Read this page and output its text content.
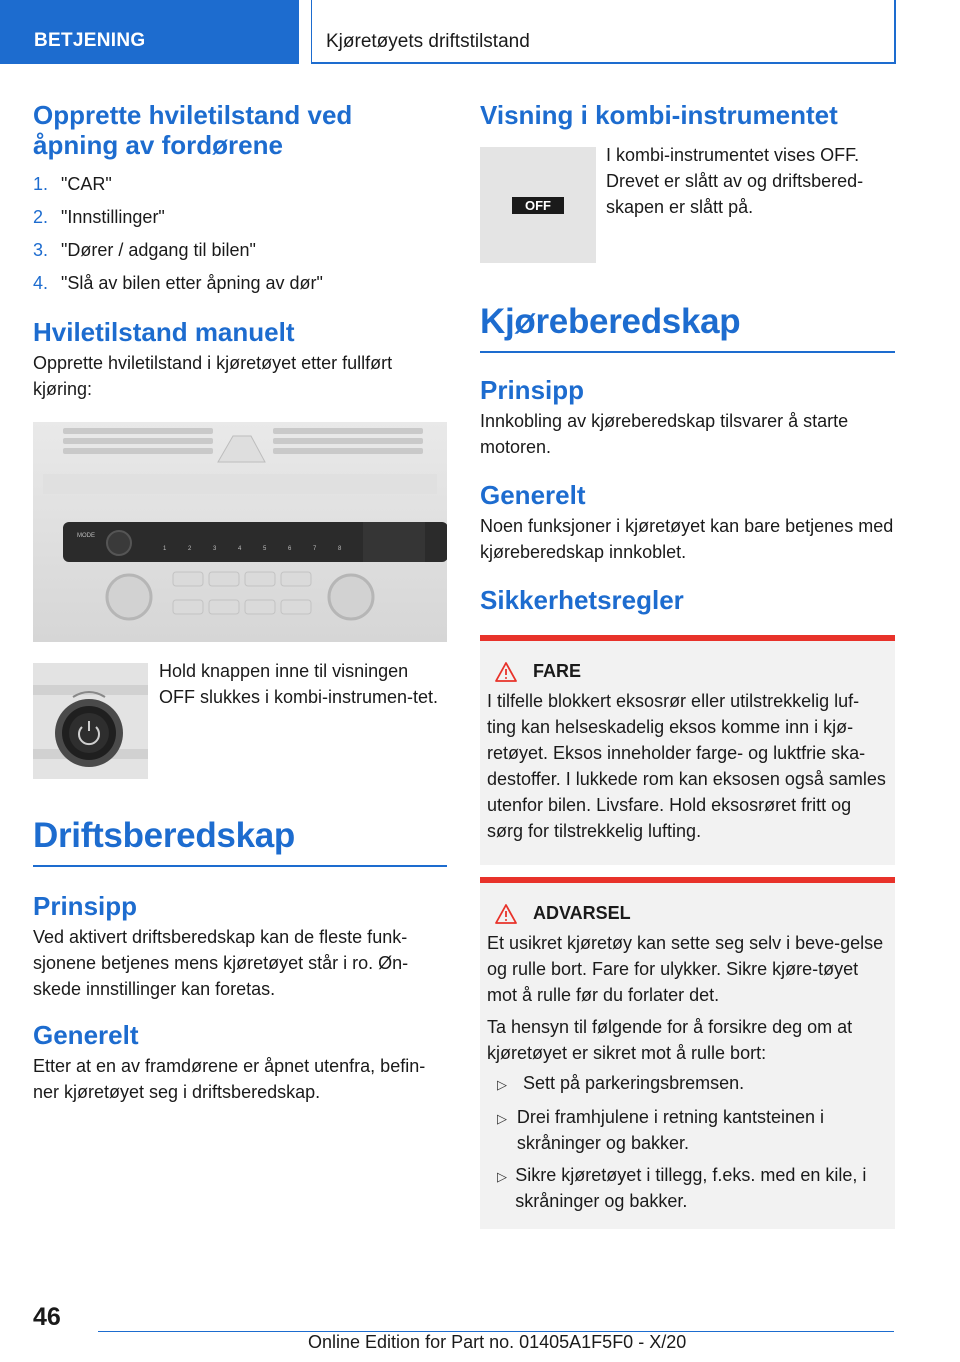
BETJENING	Kjøretøyets driftstilstand
Opprette hviletilstand ved
åpning av fordørene
1. "CAR"
2. "Innstillinger"
3. "Dører / adgang til bilen"
4. "Slå av bilen etter åpning av dør"
Hviletilstand manuelt

Opprette hviletilstand i kjøretøyet etter fullført kjøring:

MODE
1	2	3	4	5	6	7	8

Hold knappen inne til visningen OFF slukkes i kombi-instrumen-tet.

Driftsberedskap
Prinsipp

Ved aktivert driftsberedskap kan de fleste funk-sjonene betjenes mens kjøretøyet står i ro. Øn-skede innstillinger kan foretas.

Generelt

Etter at en av framdørene er åpnet utenfra, befin-ner kjøretøyet seg i driftsberedskap.

Visning i kombi-instrumentet
OFF

I kombi-instrumentet vises OFF. Drevet er slått av og driftsbered-skapen er slått på.

Kjøreberedskap
Prinsipp

Innkobling av kjøreberedskap tilsvarer å starte motoren.

Generelt

Noen funksjoner i kjøretøyet kan bare betjenes med kjøreberedskap innkoblet.

Sikkerhetsregler
FARE

I tilfelle blokkert eksosrør eller utilstrekkelig luf-ting kan helseskadelig eksos komme inn i kjø-retøyet. Eksos inneholder farge- og luktfrie ska-destoffer. I lukkede rom kan eksosen også samles utenfor bilen. Livsfare. Hold eksosrøret fritt og sørg for tilstrekkelig lufting.

ADVARSEL

Et usikret kjøretøy kan sette seg selv i beve-gelse og rulle bort. Fare for ulykker. Sikre kjøre-tøyet mot å rulle før du forlater det.

Ta hensyn til følgende for å forsikre deg om at kjøretøyet er sikret mot å rulle bort:

▷ Sett på parkeringsbremsen.
▷ Drei framhjulene i retning kantsteinen i skråninger og bakker.
▷ Sikre kjøretøyet i tillegg, f.eks. med en kile, i skråninger og bakker.
46
Online Edition for Part no. 01405A1F5F0 - X/20
